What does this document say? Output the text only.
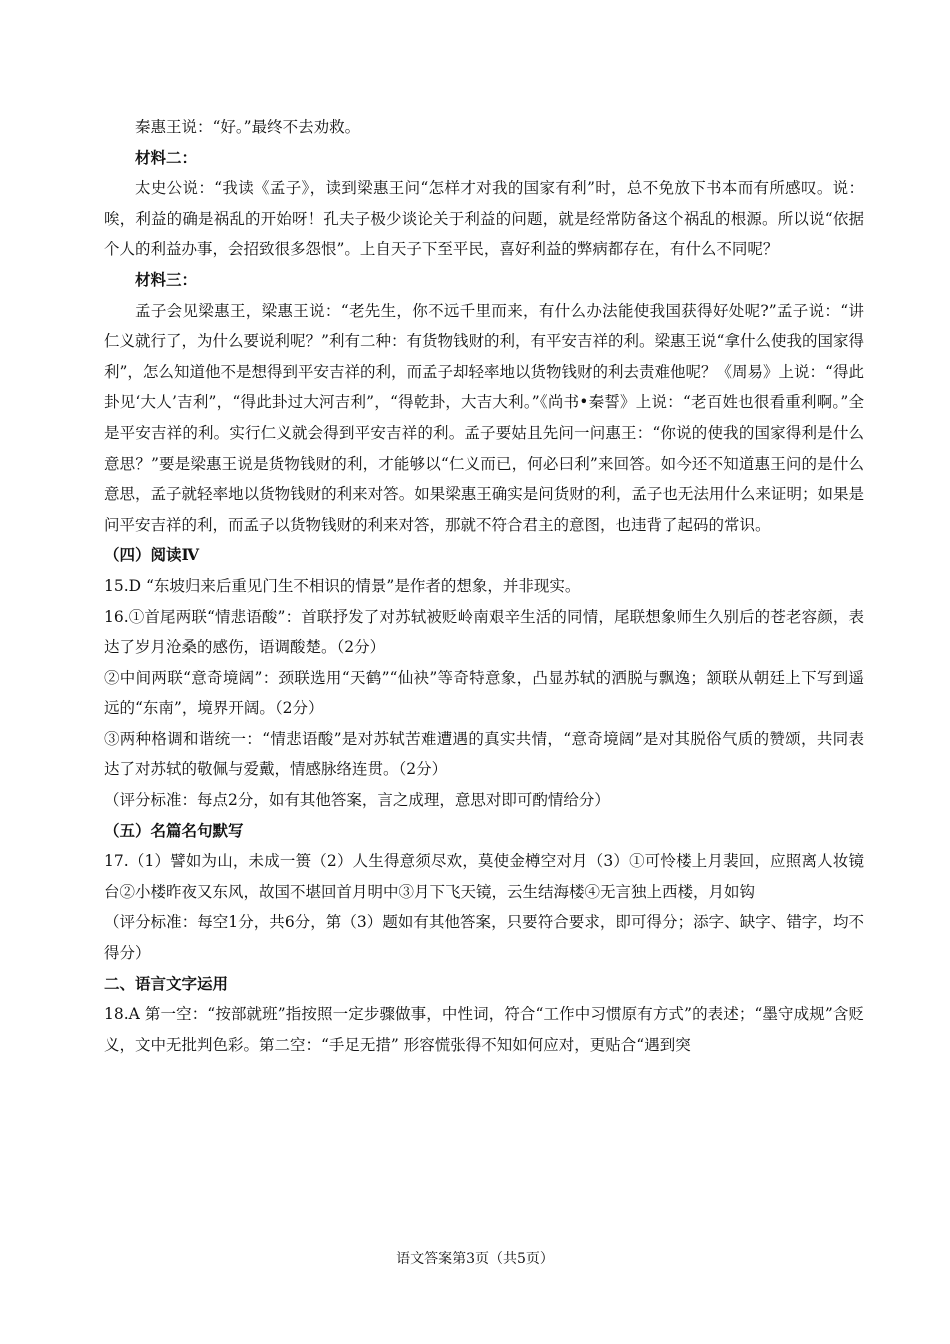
秦惠王说：“好。”最终不去劝救。

材料二：

太史公说：“我读《孟子》，读到梁惠王问“怎样才对我的国家有利”时，总不免放下书本而有所感叹。说：唉，利益的确是祸乱的开始呀！孔夫子极少谈论关于利益的问题，就是经常防备这个祸乱的根源。所以说“依据个人的利益办事，会招致很多怨恨”。上自天子下至平民，喜好利益的弊病都存在，有什么不同呢？

材料三：

孟子会见梁惠王，梁惠王说：“老先生，你不远千里而来，有什么办法能使我国获得好处呢?”孟子说：“讲仁义就行了，为什么要说利呢？”利有二种：有货物钱财的利，有平安吉祥的利。梁惠王说“拿什么使我的国家得利”，怎么知道他不是想得到平安吉祥的利，而孟子却轻率地以货物钱财的利去责难他呢？《周易》上说：“得此卦见‘大人’吉利”，“得此卦过大河吉利”，“得乾卦，大吉大利。”《尚书•秦誓》上说：“老百姓也很看重利啊。”全是平安吉祥的利。实行仁义就会得到平安吉祥的利。孟子要姑且先问一问惠王：“你说的使我的国家得利是什么意思？”要是梁惠王说是货物钱财的利，才能够以“仁义而已，何必曰利”来回答。如今还不知道惠王问的是什么意思，孟子就轻率地以货物钱财的利来对答。如果梁惠王确实是问货财的利，孟子也无法用什么来证明；如果是问平安吉祥的利，而孟子以货物钱财的利来对答，那就不符合君主的意图，也违背了起码的常识。

（四）阅读Ⅳ

15.D “东坡归来后重见门生不相识的情景”是作者的想象，并非现实。

16.①首尾两联“情悲语酸”：首联抒发了对苏轼被贬岭南艰辛生活的同情，尾联想象师生久别后的苍老容颜，表达了岁月沧桑的感伤，语调酸楚。（2分）

②中间两联“意奇境阔”：颈联选用“天鹤”“仙袂”等奇特意象，凸显苏轼的洒脱与飘逸；颔联从朝廷上下写到遥远的“东南”，境界开阔。（2分）

③两种格调和谐统一：“情悲语酸”是对苏轼苦难遭遇的真实共情，“意奇境阔”是对其脱俗气质的赞颂，共同表达了对苏轼的敬佩与爱戴，情感脉络连贯。（2分）

（评分标准：每点2分，如有其他答案，言之成理，意思对即可酌情给分）

（五）名篇名句默写

17.（1）譬如为山，未成一篑（2）人生得意须尽欢，莫使金樽空对月（3）①可怜楼上月裴回，应照离人妆镜台②小楼昨夜又东风，故国不堪回首月明中③月下飞天镜，云生结海楼④无言独上西楼，月如钩

（评分标准：每空1分，共6分，第（3）题如有其他答案，只要符合要求，即可得分；添字、缺字、错字，均不得分）

二、语言文字运用

18.A 第一空：“按部就班”指按照一定步骤做事，中性词，符合“工作中习惯原有方式”的表述；“墨守成规”含贬义，文中无批判色彩。第二空：“手足无措” 形容慌张得不知如何应对，更贴合“遇到突

语文答案第3页（共5页）
